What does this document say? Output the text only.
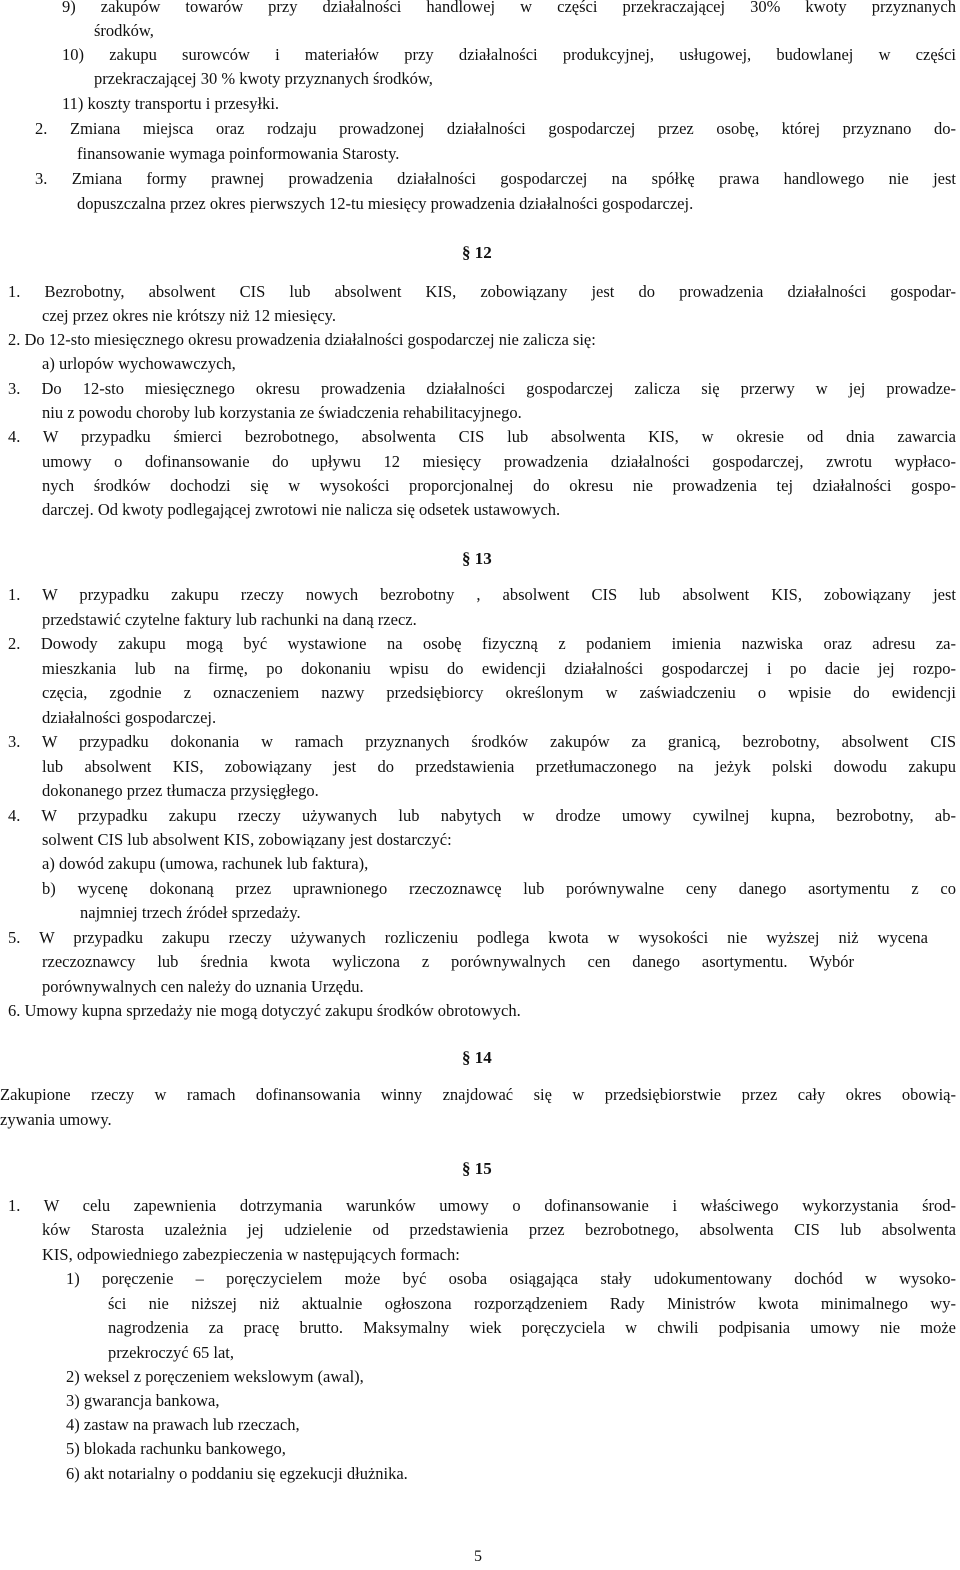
9) zakupów towarów przy działalności handlowej w części przekraczającej 30% kwoty przyznanych
środków,
10) zakupu surowców i materiałów przy działalności produkcyjnej, usługowej, budowlanej w części
przekraczającej 30 % kwoty przyznanych środków,
11) koszty transportu i przesyłki.
2. Zmiana miejsca oraz rodzaju prowadzonej działalności gospodarczej przez osobę, której przyznano do-
finansowanie wymaga poinformowania Starosty.
3. Zmiana formy prawnej prowadzenia działalności gospodarczej na spółkę prawa handlowego nie jest
dopuszczalna przez okres pierwszych 12-tu miesięcy prowadzenia działalności gospodarczej.
§ 12
1. Bezrobotny, absolwent CIS lub absolwent KIS, zobowiązany jest do prowadzenia działalności gospodar-
czej przez okres nie krótszy niż 12 miesięcy.
2. Do 12-sto miesięcznego okresu prowadzenia działalności gospodarczej nie zalicza się:
a) urlopów wychowawczych,
3. Do 12-sto miesięcznego okresu prowadzenia działalności gospodarczej zalicza się przerwy w jej prowadze-
niu z powodu choroby lub korzystania ze świadczenia rehabilitacyjnego.
4. W przypadku śmierci bezrobotnego, absolwenta CIS lub absolwenta KIS, w okresie od dnia zawarcia
umowy o dofinansowanie do upływu 12 miesięcy prowadzenia działalności gospodarczej, zwrotu wypłaco-
nych środków dochodzi się w wysokości proporcjonalnej do okresu nie prowadzenia tej działalności gospo-
darczej. Od kwoty podlegającej zwrotowi nie nalicza się odsetek ustawowych.
§ 13
1. W przypadku zakupu rzeczy nowych bezrobotny , absolwent CIS lub absolwent KIS, zobowiązany jest
przedstawić czytelne faktury lub rachunki na daną rzecz.
2. Dowody zakupu mogą być wystawione na osobę fizyczną z podaniem imienia nazwiska oraz adresu za-
mieszkania lub na firmę, po dokonaniu wpisu do ewidencji działalności gospodarczej i po dacie jej rozpo-
częcia, zgodnie z oznaczeniem nazwy przedsiębiorcy określonym w zaświadczeniu o wpisie do ewidencji
działalności gospodarczej.
3. W przypadku dokonania w ramach przyznanych środków zakupów za granicą, bezrobotny, absolwent CIS
lub absolwent KIS, zobowiązany jest do przedstawienia przetłumaczonego na jeżyk polski dowodu zakupu
dokonanego przez tłumacza przysięgłego.
4. W przypadku zakupu rzeczy używanych lub nabytych w drodze umowy cywilnej kupna, bezrobotny, ab-
solwent CIS lub absolwent KIS, zobowiązany jest dostarczyć:
a) dowód zakupu (umowa, rachunek lub faktura),
b) wycenę dokonaną przez uprawnionego rzeczoznawcę lub porównywalne ceny danego asortymentu z co
najmniej trzech źródeł sprzedaży.
5. W przypadku zakupu rzeczy używanych rozliczeniu podlega kwota w wysokości nie wyższej niż wycena
rzeczoznawcy lub średnia kwota wyliczona z porównywalnych cen danego asortymentu. Wybór
porównywalnych cen należy do uznania Urzędu.
6. Umowy kupna sprzedaży nie mogą dotyczyć zakupu środków obrotowych.
§ 14
Zakupione rzeczy w ramach dofinansowania winny znajdować się w przedsiębiorstwie przez cały okres obowią-
zywania umowy.
§ 15
1. W celu zapewnienia dotrzymania warunków umowy o dofinansowanie i właściwego wykorzystania środ-
ków Starosta uzależnia jej udzielenie od przedstawienia przez bezrobotnego, absolwenta CIS lub absolwenta
KIS, odpowiedniego zabezpieczenia w następujących formach:
1) poręczenie – poręczycielem może być osoba osiągająca stały udokumentowany dochód w wysoko-
ści nie niższej niż aktualnie ogłoszona rozporządzeniem Rady Ministrów kwota minimalnego wy-
nagrodzenia za pracę brutto. Maksymalny wiek poręczyciela w chwili podpisania umowy nie może
przekroczyć 65 lat,
2) weksel z poręczeniem wekslowym (awal),
3) gwarancja bankowa,
4) zastaw na prawach lub rzeczach,
5) blokada rachunku bankowego,
6) akt notarialny o poddaniu się egzekucji dłużnika.
5
